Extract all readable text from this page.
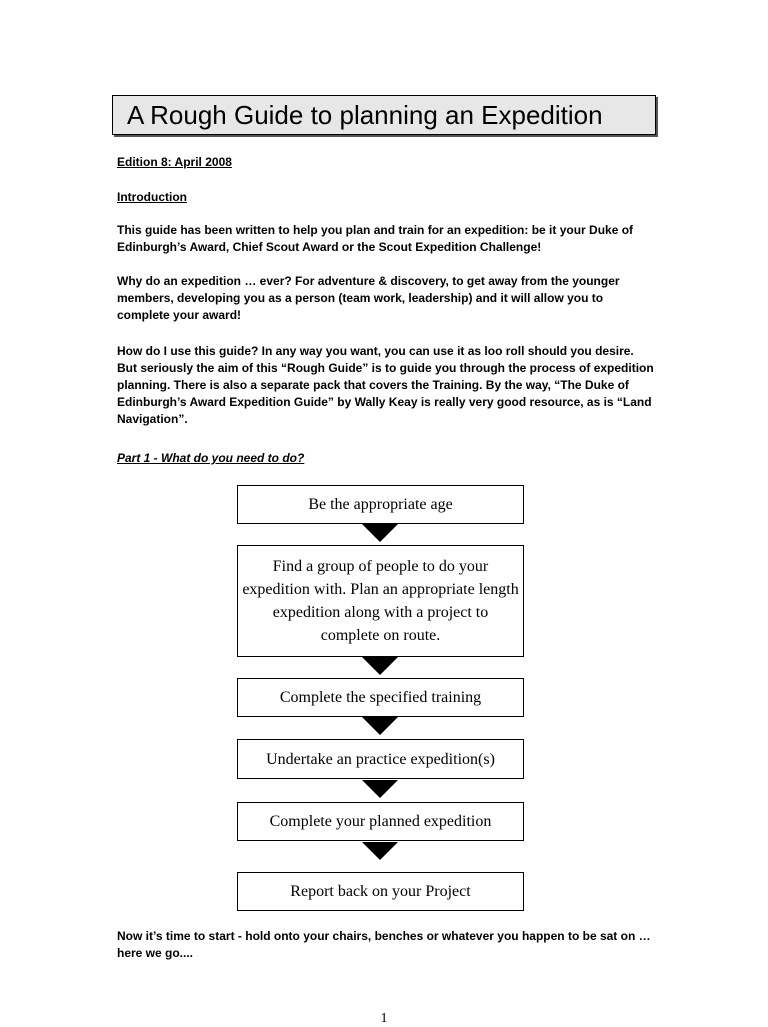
A Rough Guide to planning an Expedition
Edition 8: April 2008
Introduction
This guide has been written to help you plan and train for an expedition: be it your Duke of Edinburgh’s Award, Chief Scout Award or the Scout Expedition Challenge!
Why do an expedition … ever? For adventure & discovery, to get away from the younger members, developing you as a person (team work, leadership) and it will allow you to complete your award!
How do I use this guide? In any way you want, you can use it as loo roll should you desire. But seriously the aim of this “Rough Guide” is to guide you through the process of expedition planning. There is also a separate pack that covers the Training. By the way, “The Duke of Edinburgh’s Award Expedition Guide” by Wally Keay is really very good resource, as is “Land Navigation”.
Part 1 - What do you need to do?
Be the appropriate age
Find a group of people to do your expedition with. Plan an appropriate length expedition along with a project to complete on route.
Complete the specified training
Undertake an practice expedition(s)
Complete your planned expedition
Report back on your Project
Now it’s time to start - hold onto your chairs, benches or whatever you happen to be sat on … here we go....
1
